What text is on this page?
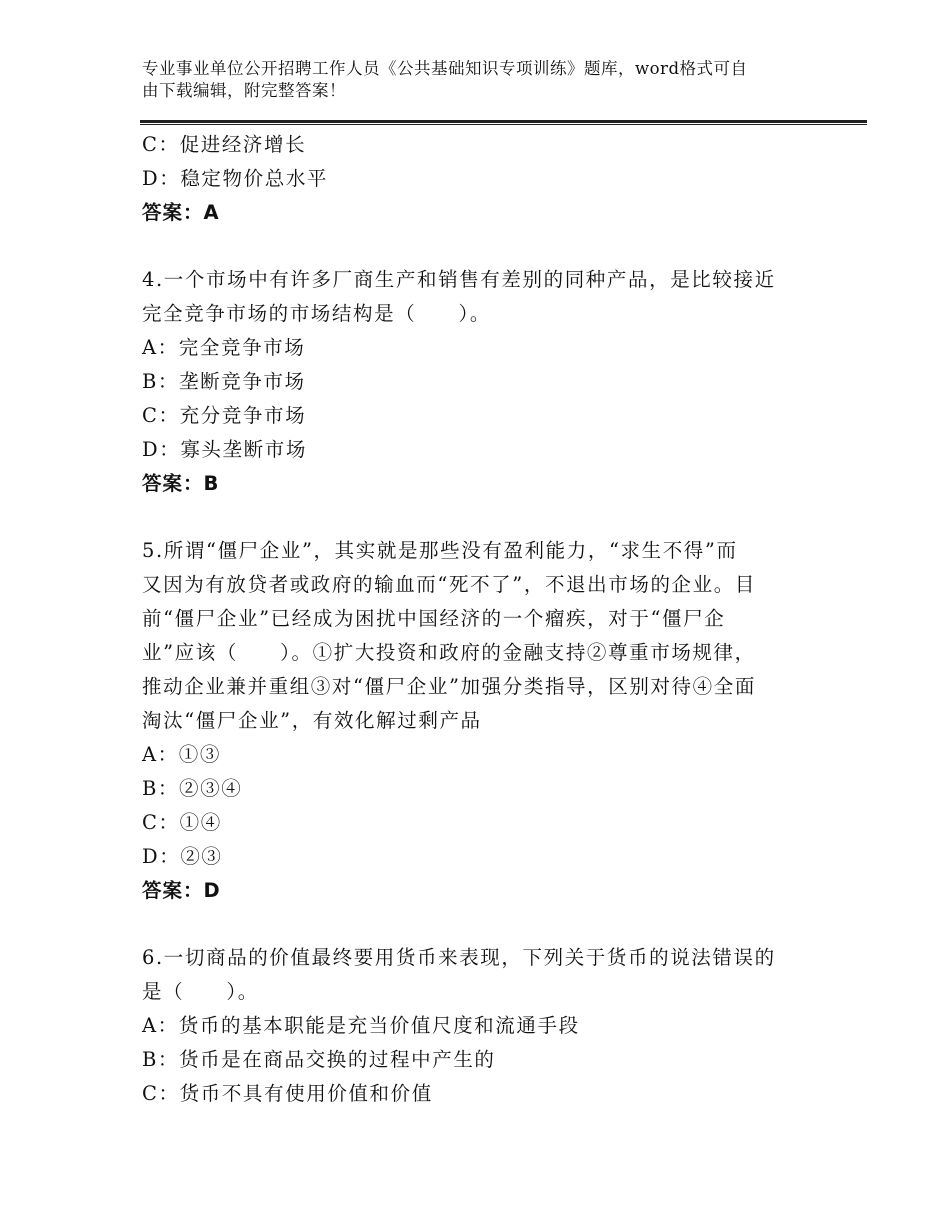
专业事业单位公开招聘工作人员《公共基础知识专项训练》题库，word格式可自
由下载编辑，附完整答案！
C：促进经济增长
D：稳定物价总水平
答案：A
4.一个市场中有许多厂商生产和销售有差别的同种产品，是比较接近
完全竞争市场的市场结构是（　　）。
A：完全竞争市场
B：垄断竞争市场
C：充分竞争市场
D：寡头垄断市场
答案：B
5.所谓“僵尸企业”，其实就是那些没有盈利能力，“求生不得”而
又因为有放贷者或政府的输血而“死不了”，不退出市场的企业。目
前“僵尸企业”已经成为困扰中国经济的一个瘤疾，对于“僵尸企
业”应该（　　）。①扩大投资和政府的金融支持②尊重市场规律，
推动企业兼并重组③对“僵尸企业”加强分类指导，区别对待④全面
淘汰“僵尸企业”，有效化解过剩产品
A：①③
B：②③④
C：①④
D：②③
答案：D
6.一切商品的价值最终要用货币来表现，下列关于货币的说法错误的
是（　　）。
A：货币的基本职能是充当价值尺度和流通手段
B：货币是在商品交换的过程中产生的
C：货币不具有使用价值和价值
